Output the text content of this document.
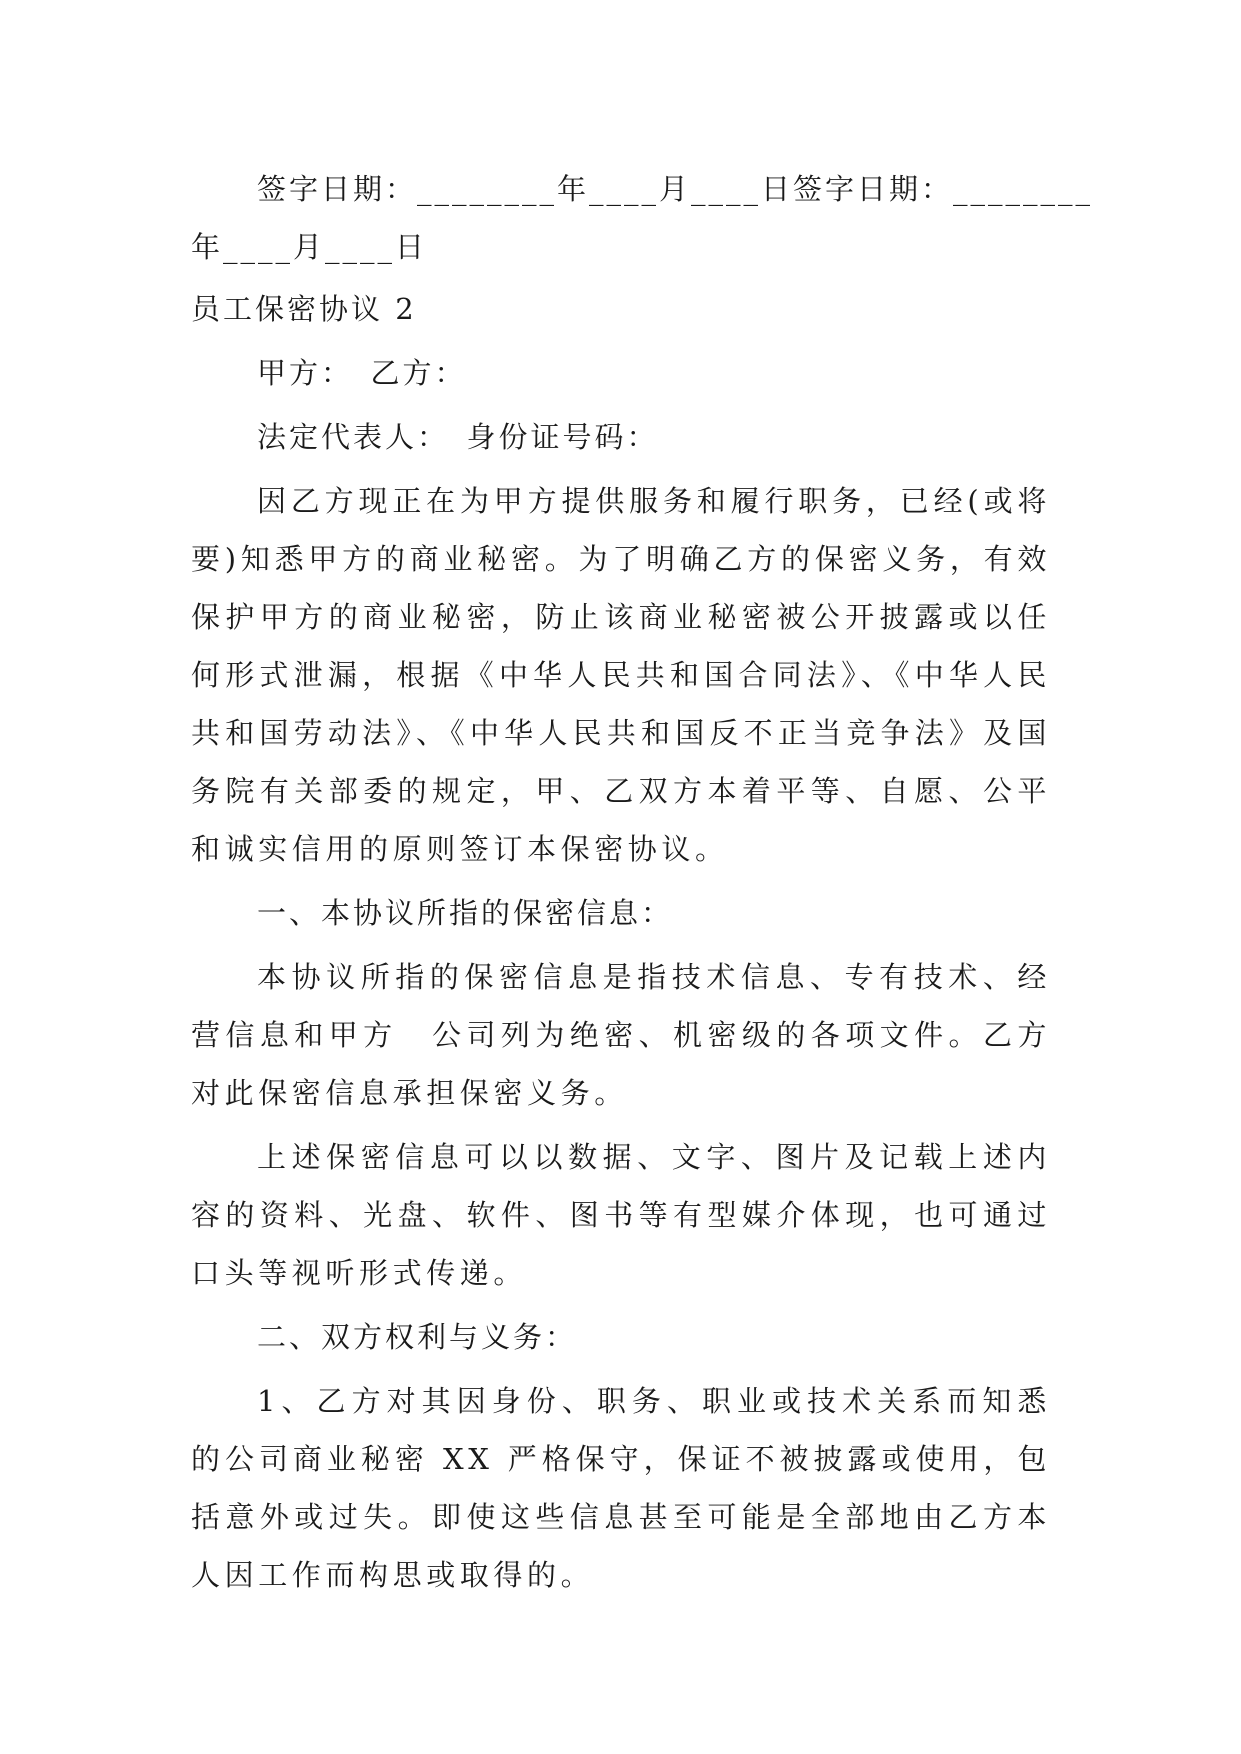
签字日期：________年____月____日签字日期：________
年____月____日
员工保密协议 2
甲方：　乙方：
法定代表人：　身份证号码：

因乙方现正在为甲方提供服务和履行职务，已经(或将要)知悉甲方的商业秘密。为了明确乙方的保密义务，有效保护甲方的商业秘密，防止该商业秘密被公开披露或以任何形式泄漏，根据《中华人民共和国合同法》、《中华人民共和国劳动法》、《中华人民共和国反不正当竞争法》及国务院有关部委的规定，甲、乙双方本着平等、自愿、公平和诚实信用的原则签订本保密协议。

一、本协议所指的保密信息：

本协议所指的保密信息是指技术信息、专有技术、经营信息和甲方　公司列为绝密、机密级的各项文件。乙方对此保密信息承担保密义务。

上述保密信息可以以数据、文字、图片及记载上述内容的资料、光盘、软件、图书等有型媒介体现，也可通过口头等视听形式传递。

二、双方权利与义务：

1、乙方对其因身份、职务、职业或技术关系而知悉的公司商业秘密 XX 严格保守，保证不被披露或使用，包括意外或过失。即使这些信息甚至可能是全部地由乙方本人因工作而构思或取得的。
